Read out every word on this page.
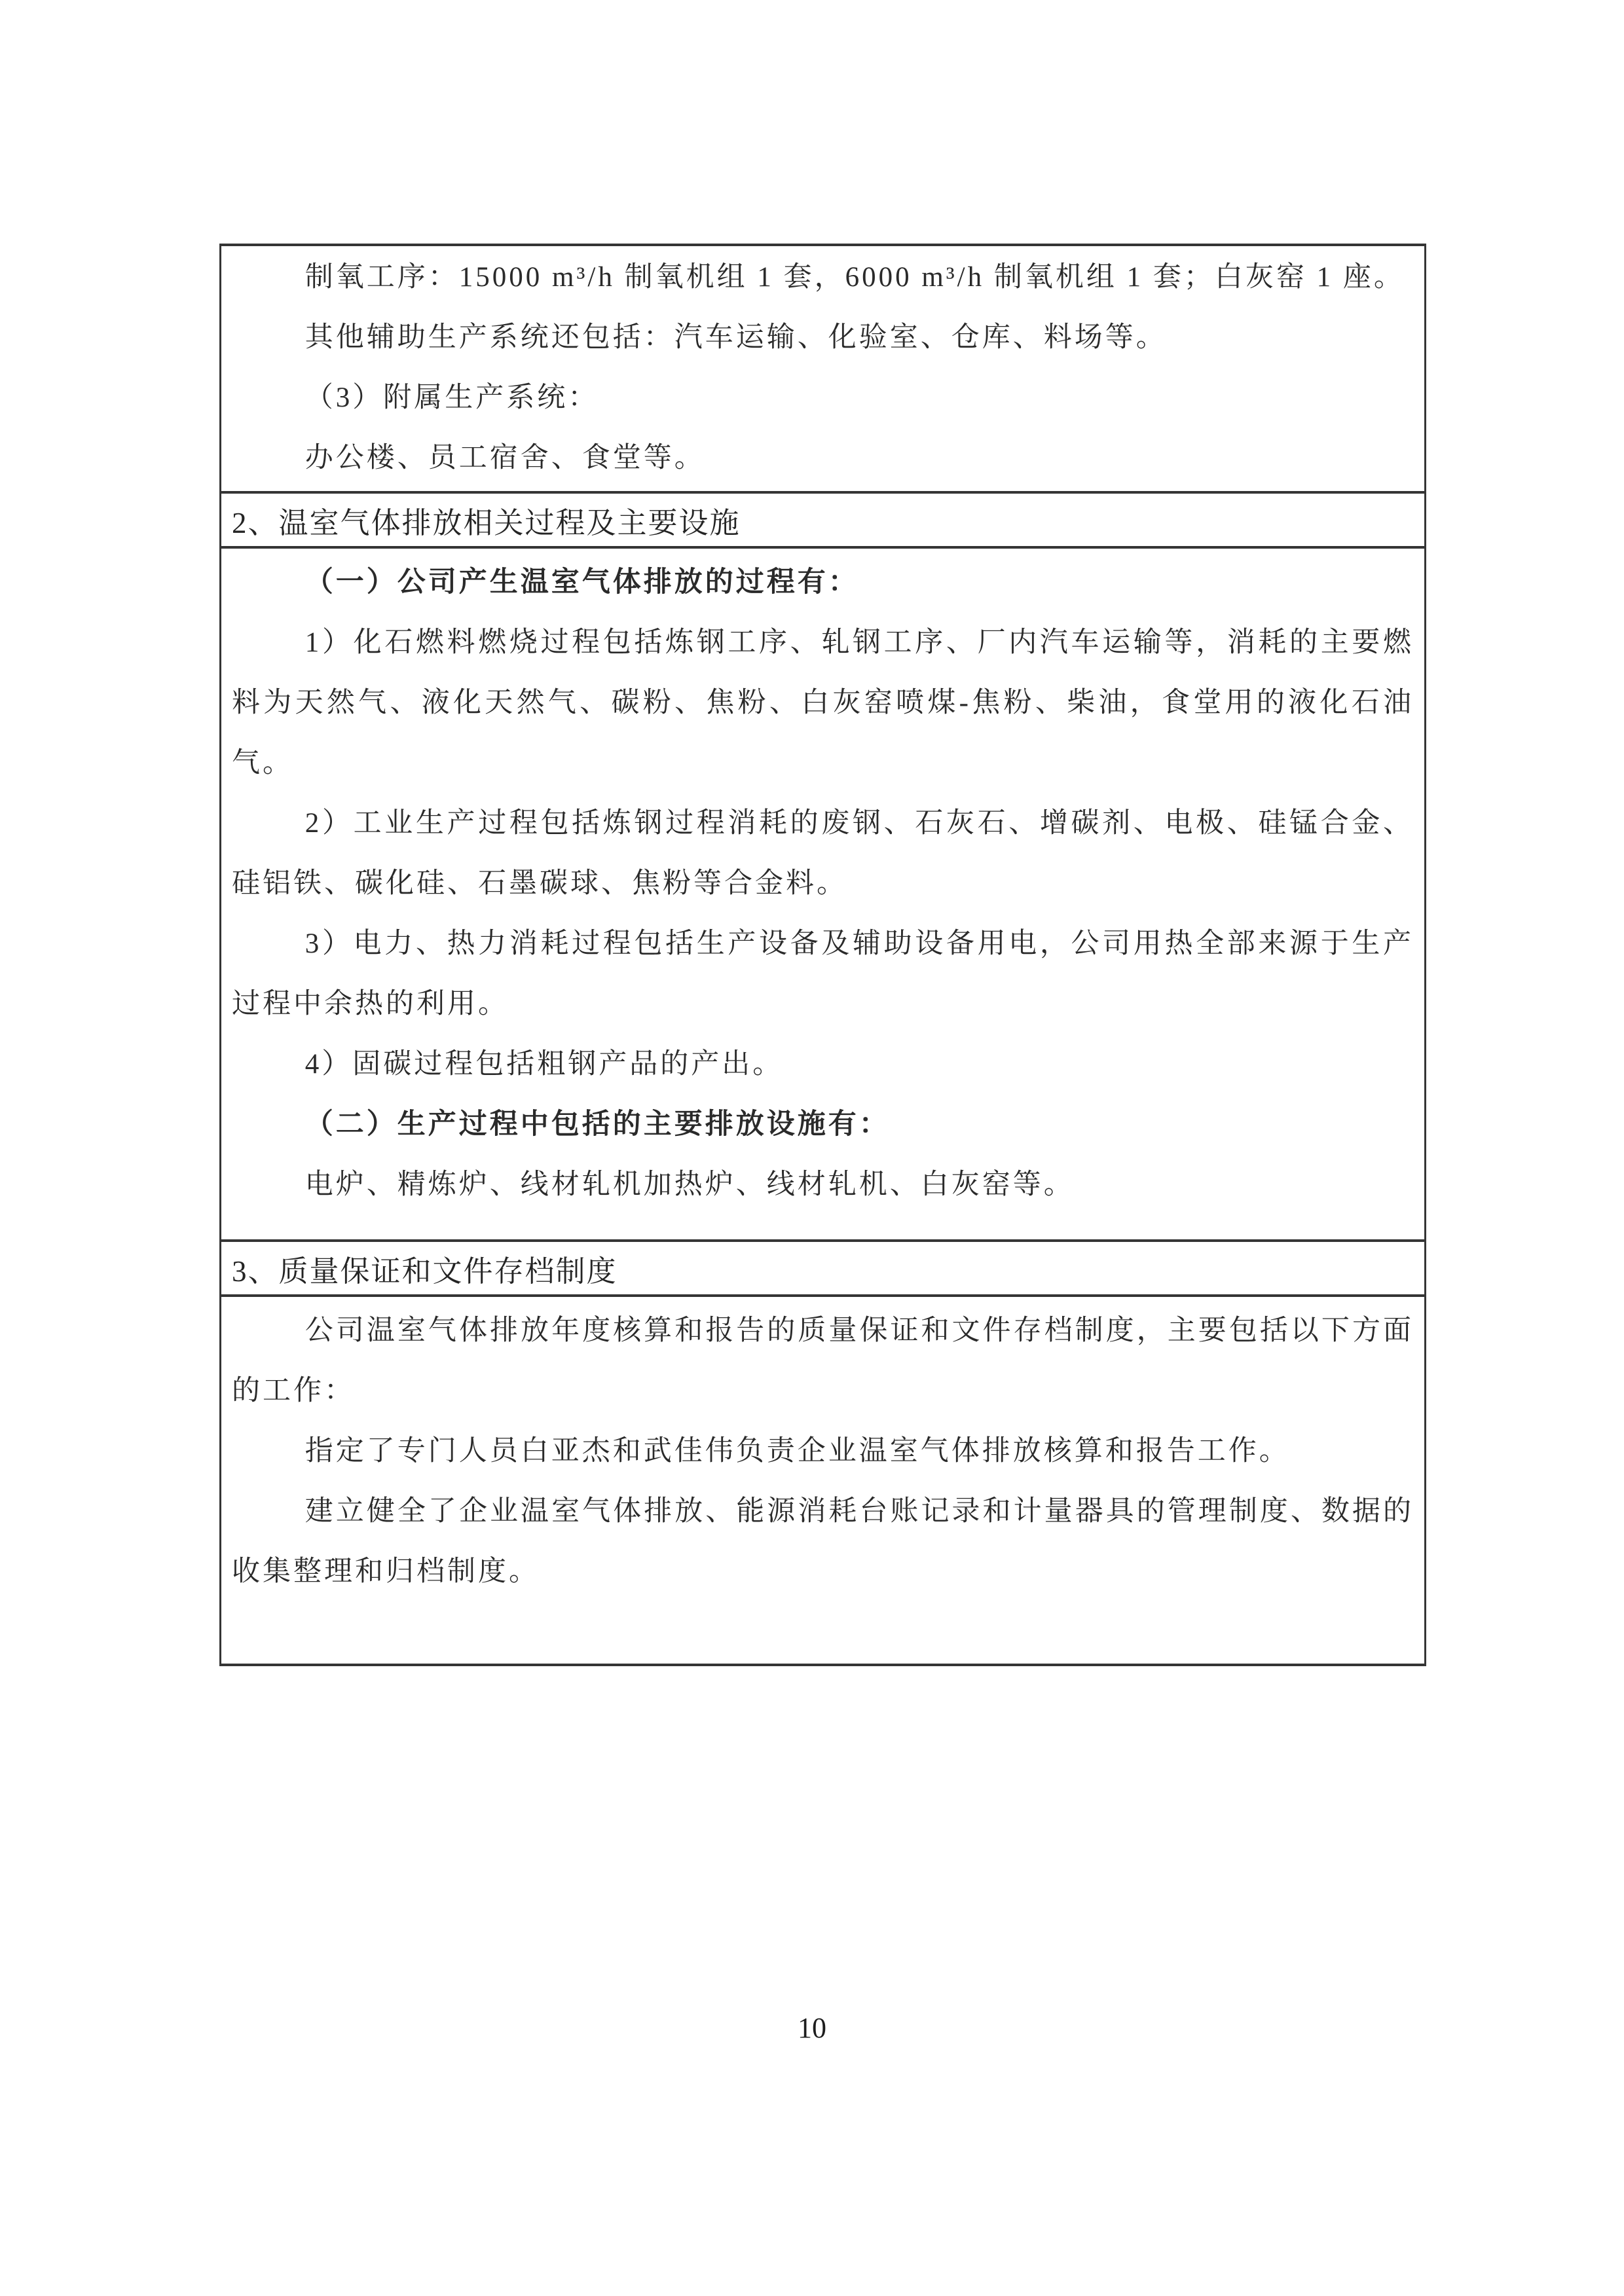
制氧工序：15000 m³/h 制氧机组 1 套，6000 m³/h 制氧机组 1 套；白灰窑 1 座。

其他辅助生产系统还包括：汽车运输、化验室、仓库、料场等。

（3）附属生产系统：

办公楼、员工宿舍、食堂等。

2、温室气体排放相关过程及主要设施

（一）公司产生温室气体排放的过程有：

1）化石燃料燃烧过程包括炼钢工序、轧钢工序、厂内汽车运输等，消耗的主要燃料为天然气、液化天然气、碳粉、焦粉、白灰窑喷煤-焦粉、柴油，食堂用的液化石油气。

2）工业生产过程包括炼钢过程消耗的废钢、石灰石、增碳剂、电极、硅锰合金、硅铝铁、碳化硅、石墨碳球、焦粉等合金料。

3）电力、热力消耗过程包括生产设备及辅助设备用电，公司用热全部来源于生产过程中余热的利用。

4）固碳过程包括粗钢产品的产出。

（二）生产过程中包括的主要排放设施有：

电炉、精炼炉、线材轧机加热炉、线材轧机、白灰窑等。

3、质量保证和文件存档制度

公司温室气体排放年度核算和报告的质量保证和文件存档制度，主要包括以下方面的工作：

指定了专门人员白亚杰和武佳伟负责企业温室气体排放核算和报告工作。

建立健全了企业温室气体排放、能源消耗台账记录和计量器具的管理制度、数据的收集整理和归档制度。

10
